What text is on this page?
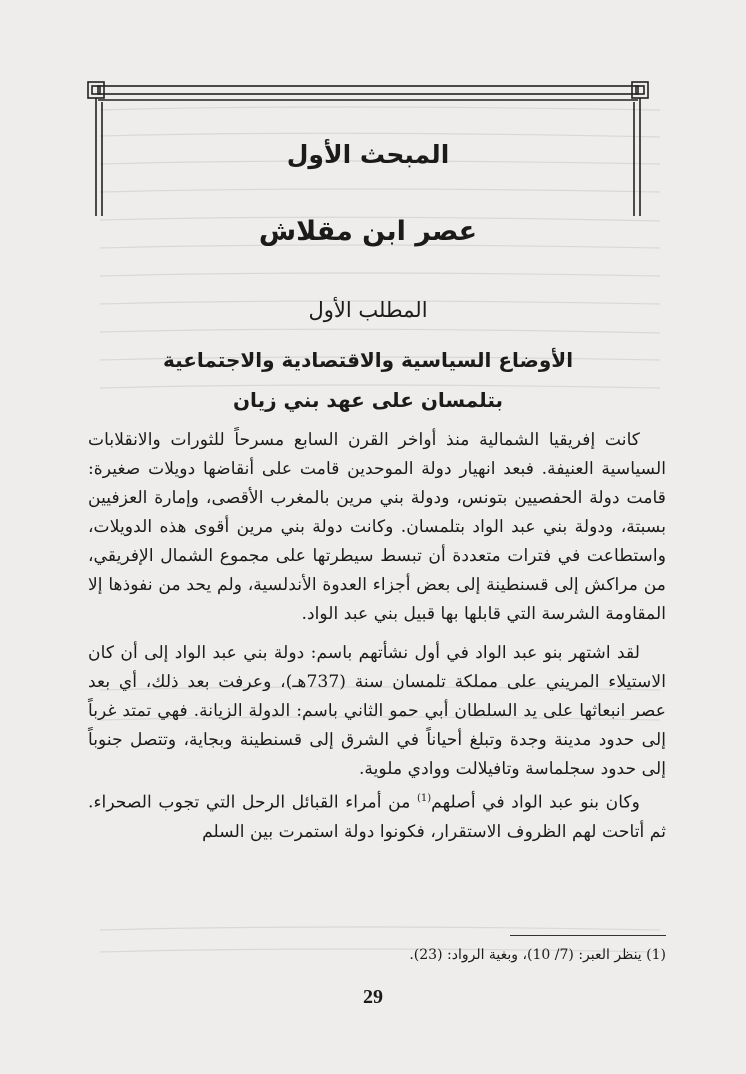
المبحث الأول
عصر ابن مقلاش
المطلب الأول
الأوضاع السياسية والاقتصادية والاجتماعية
بتلمسان على عهد بني زيان

كانت إفريقيا الشمالية منذ أواخر القرن السابع مسرحاً للثورات والانقلابات السياسية العنيفة. فبعد انهيار دولة الموحدين قامت على أنقاضها دويلات صغيرة: قامت دولة الحفصيين بتونس، ودولة بني مرين بالمغرب الأقصى، وإمارة العزفيين بسبتة، ودولة بني عبد الواد بتلمسان. وكانت دولة بني مرين أقوى هذه الدويلات، واستطاعت في فترات متعددة أن تبسط سيطرتها على مجموع الشمال الإفريقي، من مراكش إلى قسنطينة إلى بعض أجزاء العدوة الأندلسية، ولم يحد من نفوذها إلا المقاومة الشرسة التي قابلها بها قبيل بني عبد الواد.

لقد اشتهر بنو عبد الواد في أول نشأتهم باسم: دولة بني عبد الواد إلى أن كان الاستيلاء المريني على مملكة تلمسان سنة (737هـ)، وعرفت بعد ذلك، أي بعد عصر انبعاثها على يد السلطان أبي حمو الثاني باسم: الدولة الزيانة. فهي تمتد غرباً إلى حدود مدينة وجدة وتبلغ أحياناً في الشرق إلى قسنطينة وبجاية، وتتصل جنوباً إلى حدود سجلماسة وتافيلالت ووادي ملوية.

وكان بنو عبد الواد في أصلهم$^{(1)}$ من أمراء القبائل الرحل التي تجوب الصحراء. ثم أتاحت لهم الظروف الاستقرار، فكونوا دولة استمرت بين السلم

(1) ينظر العبر: (7/ 10)، وبغية الرواد: (23).
29
